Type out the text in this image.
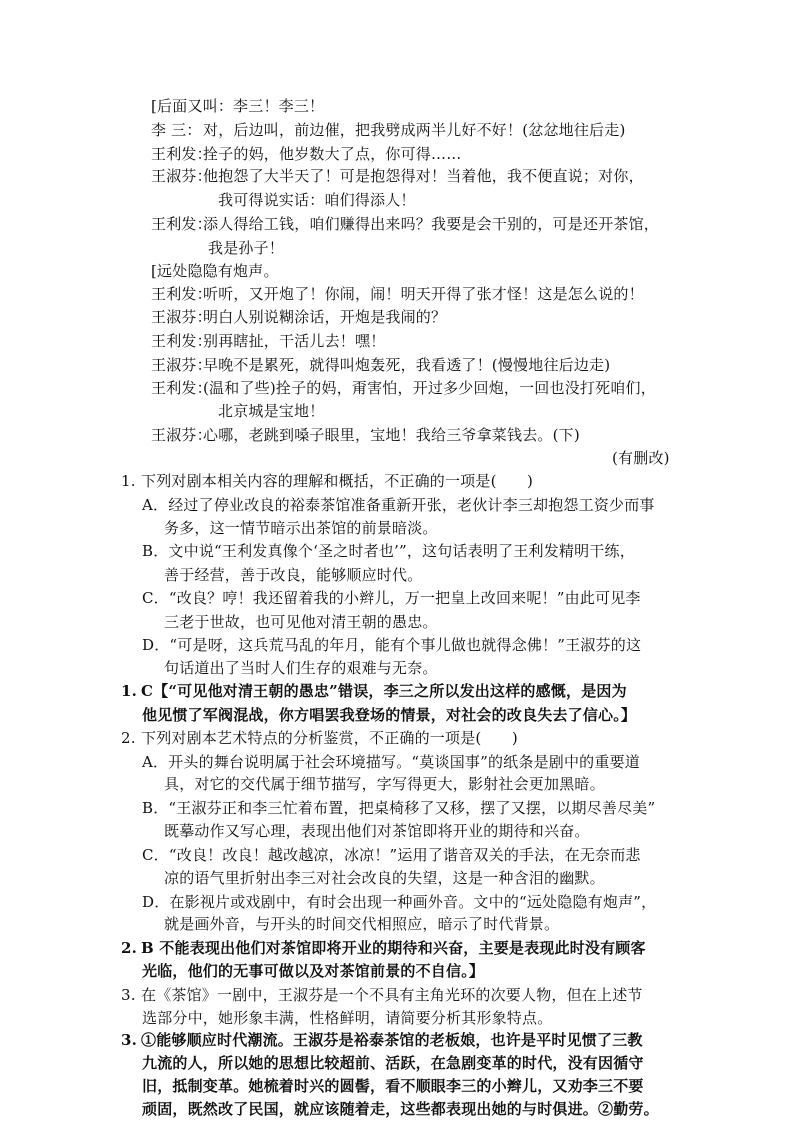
[后面又叫：李三！李三！
李 三：对，后边叫，前边催，把我劈成两半儿好不好！(忿忿地往后走)
王利发：拴子的妈，他岁数大了点，你可得……
王淑芬：他抱怨了大半天了！可是抱怨得对！当着他，我不便直说；对你，
我可得说实话：咱们得添人！
王利发：添人得给工钱，咱们赚得出来吗？我要是会干别的，可是还开茶馆，
我是孙子！
[远处隐隐有炮声。
王利发：听听，又开炮了！你闹，闹！明天开得了张才怪！这是怎么说的！
王淑芬：明白人别说糊涂话，开炮是我闹的？
王利发：别再瞎扯，干活儿去！嘿！
王淑芬：早晚不是累死，就得叫炮轰死，我看透了！(慢慢地往后边走)
王利发：(温和了些)拴子的妈，甭害怕，开过多少回炮，一回也没打死咱们，
北京城是宝地！
王淑芬：心哪，老跳到嗓子眼里，宝地！我给三爷拿菜钱去。(下)
(有删改)
1. 下列对剧本相关内容的理解和概括，不正确的一项是(　　)
A．经过了停业改良的裕泰茶馆准备重新开张，老伙计李三却抱怨工资少而事
务多，这一情节暗示出茶馆的前景暗淡。
B．文中说“王利发真像个‘圣之时者也’”，这句话表明了王利发精明干练，
善于经营，善于改良，能够顺应时代。
C．“改良？哼！我还留着我的小辫儿，万一把皇上改回来呢！”由此可见李
三老于世故，也可见他对清王朝的愚忠。
D．“可是呀，这兵荒马乱的年月，能有个事儿做也就得念佛！”王淑芬的这
句话道出了当时人们生存的艰难与无奈。
1. C【“可见他对清王朝的愚忠”错误，李三之所以发出这样的感慨，是因为
他见惯了军阀混战，你方唱罢我登场的情景，对社会的改良失去了信心。】
2. 下列对剧本艺术特点的分析鉴赏，不正确的一项是(　　)
A．开头的舞台说明属于社会环境描写。“莫谈国事”的纸条是剧中的重要道
具，对它的交代属于细节描写，字写得更大，影射社会更加黑暗。
B．“王淑芬正和李三忙着布置，把桌椅移了又移，摆了又摆，以期尽善尽美”
既摹动作又写心理，表现出他们对茶馆即将开业的期待和兴奋。
C．“改良！改良！越改越凉，冰凉！”运用了谐音双关的手法，在无奈而悲
凉的语气里折射出李三对社会改良的失望，这是一种含泪的幽默。
D．在影视片或戏剧中，有时会出现一种画外音。文中的“远处隐隐有炮声”，
就是画外音，与开头的时间交代相照应，暗示了时代背景。
2. B 不能表现出他们对茶馆即将开业的期待和兴奋，主要是表现此时没有顾客
光临，他们的无事可做以及对茶馆前景的不自信。】
3. 在《茶馆》一剧中，王淑芬是一个不具有主角光环的次要人物，但在上述节
选部分中，她形象丰满，性格鲜明，请简要分析其形象特点。
3. ①能够顺应时代潮流。王淑芬是裕泰茶馆的老板娘，也许是平时见惯了三教
九流的人，所以她的思想比较超前、活跃，在急剧变革的时代，没有因循守
旧，抵制变革。她梳着时兴的圆髻，看不顺眼李三的小辫儿，又劝李三不要
顽固，既然改了民国，就应该随着走，这些都表现出她的与时俱进。②勤劳。
